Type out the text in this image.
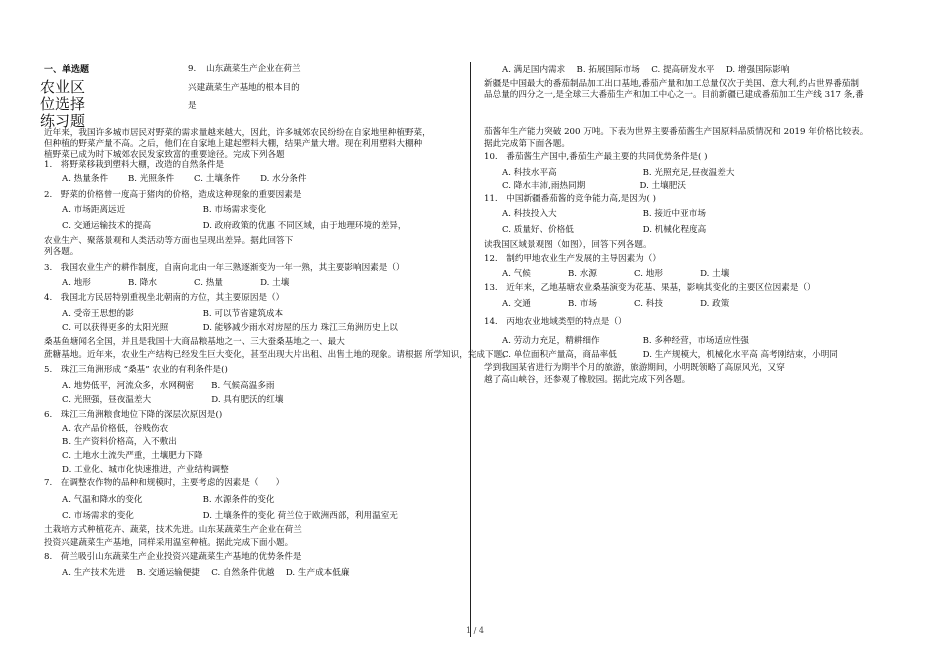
一、单选题
农业区
位选择
练习题
9. 山东蔬菜生产企业在荷兰
兴建蔬菜生产基地的根本目的
是
近年来，我国许多城市居民对野菜的需求量越来越大，因此，许多城郊农民纷纷在自家地里种植野菜，
但种植的野菜产量不高。之后，他们在自家地上建起塑料大棚，结果产量大增。现在利用塑料大棚种
植野菜已成为时下城郊农民发家致富的重要途径。完成下列各题
1.　将野菜移栽到塑料大棚，改造的自然条件是
A. 热量条件　　 B. 光照条件　　 C. 土壤条件　　 D. 水分条件
2.　野菜的价格曾一度高于猪肉的价格，造成这种现象的重要因素是
A. 市场距离远近　　　　　　　　　B. 市场需求变化
C. 交通运输技术的提高　　　　　　D. 政府政策的优惠 不同区域，由于地理环境的差异，
农业生产、聚落景观和人类活动等方面也呈现出差异。据此回答下
列各题。
3.　我国农业生产的耕作制度，自南向北由一年三熟逐渐变为一年一熟，其主要影响因素是（）
A. 地形　　　　 B. 降水　　　　 C. 热量　　　　 D. 土壤
4.　我国北方民居特别重视坐北朝南的方位，其主要原因是（）
A. 受帝王思想的影　　　　　　　　B. 可以节省建筑成本
C. 可以获得更多的太阳光照　　　　D. 能够减少雨水对房屋的压力 珠江三角洲历史上以
桑基鱼塘闻名全国，并且是我国十大商品粮基地之一、三大蚕桑基地之一、最大
蔗糖基地。近年来，农业生产结构已经发生巨大变化，甚至出现大片出租、出售土地的现象。请根据 所学知识，完成下题。
5.　珠江三角洲形成 “桑基” 农业的有利条件是()
A. 地势低平，河流众多，水网稠密　　B. 气候高温多雨
C. 光照强，昼夜温差大　　　　　　　D. 具有肥沃的红壤
6.　珠江三角洲粮食地位下降的深层次原因是()
A. 农产品价格低，谷贱伤农
B. 生产资料价格高，入不敷出
C. 土地水土流失严重，土壤肥力下降
D. 工业化、城市化快速推进，产业结构调整
7.　在调整农作物的品种和规模时，主要考虑的因素是（　　）
A. 气温和降水的变化　　　　　　　B. 水源条件的变化
C. 市场需求的变化　　　　　　　　D. 土壤条件的变化 荷兰位于欧洲西部，利用温室无
土栽培方式种植花卉、蔬菜，技术先进。山东某蔬菜生产企业在荷兰
投资兴建蔬菜生产基地，同样采用温室种植。据此完成下面小题。
8.　荷兰吸引山东蔬菜生产企业投资兴建蔬菜生产基地的优势条件是
A. 生产技术先进　 B. 交通运输便捷　 C. 自然条件优越　 D. 生产成本低廉
A. 满足国内需求　 B. 拓展国际市场　 C. 提高研发水平　 D. 增强国际影响
新疆是中国最大的番茄制品加工出口基地,番茄产量和加工总量仅次于美国、意大利,约占世界番茄制
品总量的四分之一,是全球三大番茄生产和加工中心之一。目前新疆已建成番茄加工生产线 317 条,番
茄酱年生产能力突破 200 万吨。下表为世界主要番茄酱生产国原料品质情况和 2019 年价格比较表。
据此完成第下面各题。
10.　番茄酱生产国中,番茄生产最主要的共同优势条件是( )
A. 科技水平高　　　　　　　　　　B. 光照充足,昼夜温差大
C. 降水丰沛,雨热同期　　　　　　 D. 土壤肥沃
11.　中国新疆番茄酱的竞争能力高,是因为( )
A. 科技投入大　　　　　　　　　　B. 接近中亚市场
C. 质量好、价格低　　　　　　　　D. 机械化程度高
读我国区域景观图（如图），回答下列各题。
12.　制约甲地农业生产发展的主导因素为（）
A. 气候　　　　 B. 水源　　　　 C. 地形　　　　 D. 土壤
13.　近年来，乙地基塘农业桑基演变为花基、果基，影响其变化的主要区位因素是（）
A. 交通　　　　 B. 市场　　　　 C. 科技　　　　 D. 政策
14.　丙地农业地域类型的特点是（）
A. 劳动力充足，精耕细作　　　　　B. 多种经营，市场适应性强
C. 单位面积产量高，商品率低　　　D. 生产规模大，机械化水平高 高考刚结束，小明同
学到我国某省进行为期半个月的旅游，旅游期间，小明既领略了高原风光，又穿
越了高山峡谷，还参观了橡胶园。据此完成下列各题。
1 / 4
